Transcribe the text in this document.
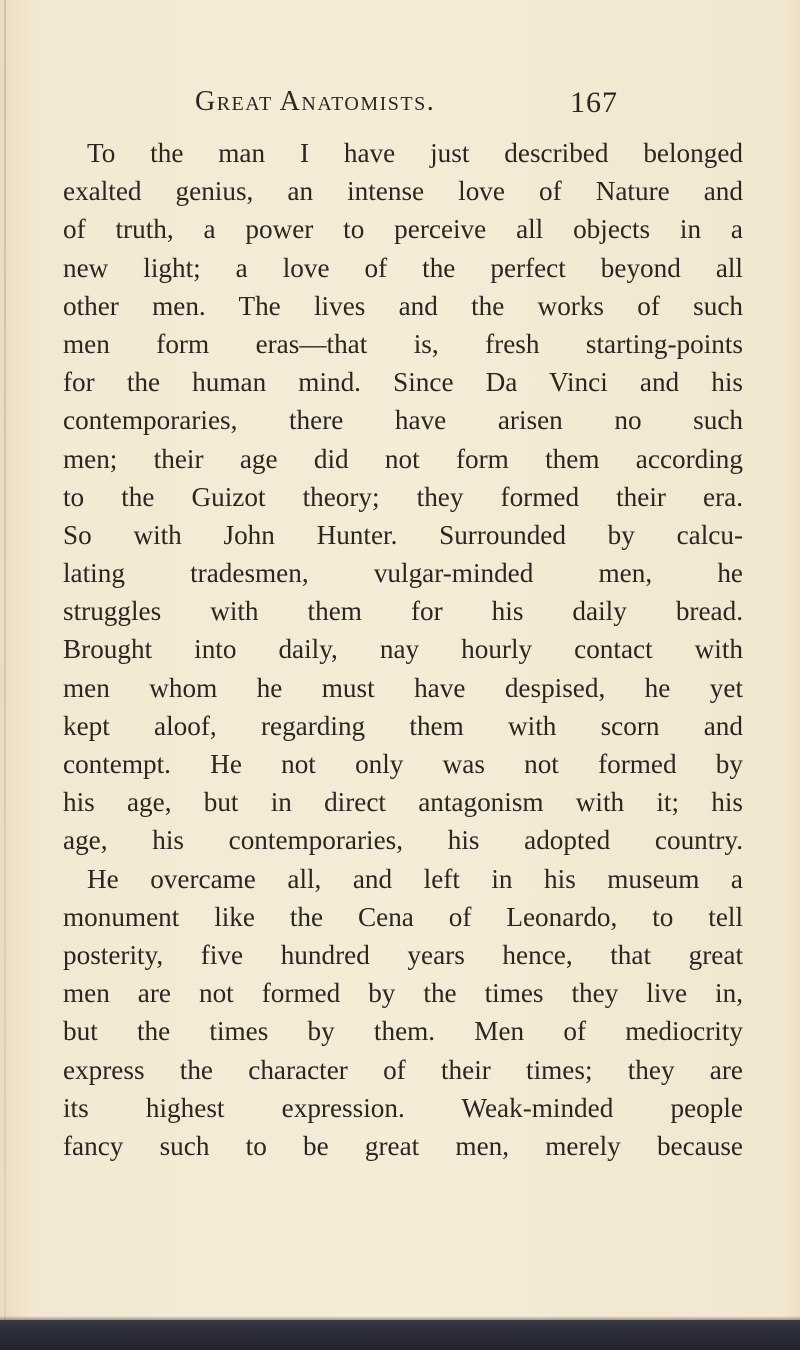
Great Anatomists.	167
To the man I have just described belonged
exalted genius, an intense love of Nature and
of truth, a power to perceive all objects in a
new light; a love of the perfect beyond all
other men. The lives and the works of such
men form eras—that is, fresh starting-points
for the human mind. Since Da Vinci and his
contemporaries, there have arisen no such
men; their age did not form them according
to the Guizot theory; they formed their era.
So with John Hunter. Surrounded by calcu-
lating tradesmen, vulgar-minded men, he
struggles with them for his daily bread.
Brought into daily, nay hourly contact with
men whom he must have despised, he yet
kept aloof, regarding them with scorn and
contempt. He not only was not formed by
his age, but in direct antagonism with it; his
age, his contemporaries, his adopted country.
He overcame all, and left in his museum a
monument like the Cena of Leonardo, to tell
posterity, five hundred years hence, that great
men are not formed by the times they live in,
but the times by them. Men of mediocrity
express the character of their times; they are
its highest expression. Weak-minded people
fancy such to be great men, merely because
